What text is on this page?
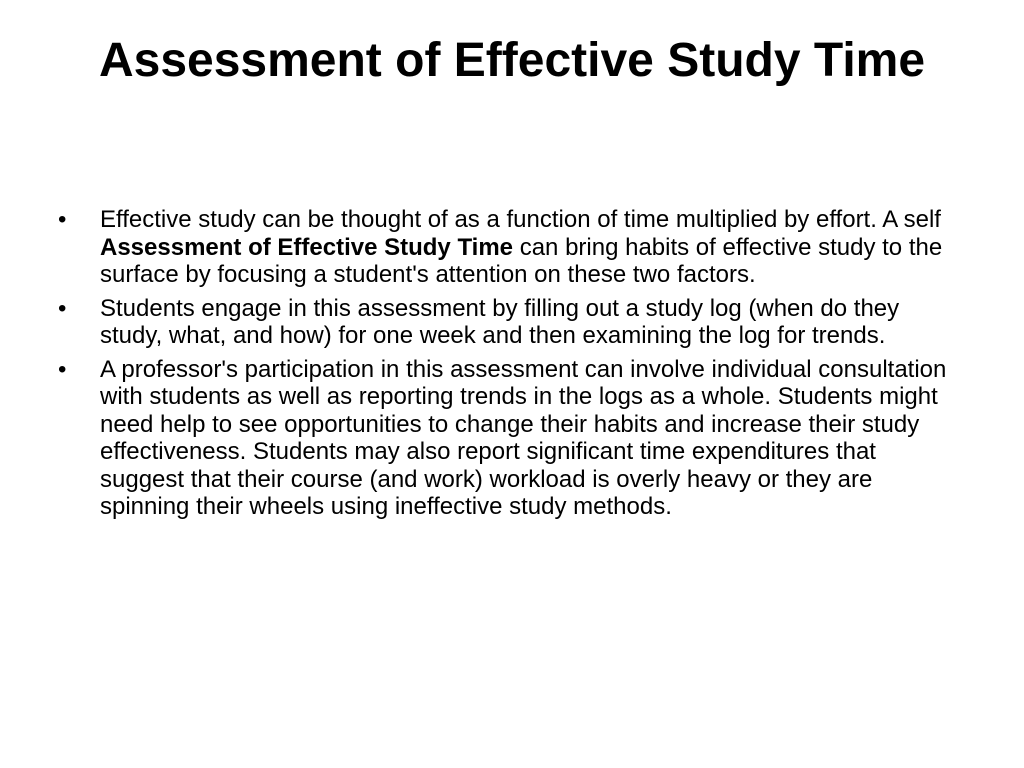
Assessment of Effective Study Time
• Effective study can be thought of as a function of time multiplied by effort. A self Assessment of Effective Study Time can bring habits of effective study to the surface by focusing a student's attention on these two factors.
• Students engage in this assessment by filling out a study log (when do they study, what, and how) for one week and then examining the log for trends.
• A professor's participation in this assessment can involve individual consultation with students as well as reporting trends in the logs as a whole. Students might need help to see opportunities to change their habits and increase their study effectiveness. Students may also report significant time expenditures that suggest that their course (and work) workload is overly heavy or they are spinning their wheels using ineffective study methods.
